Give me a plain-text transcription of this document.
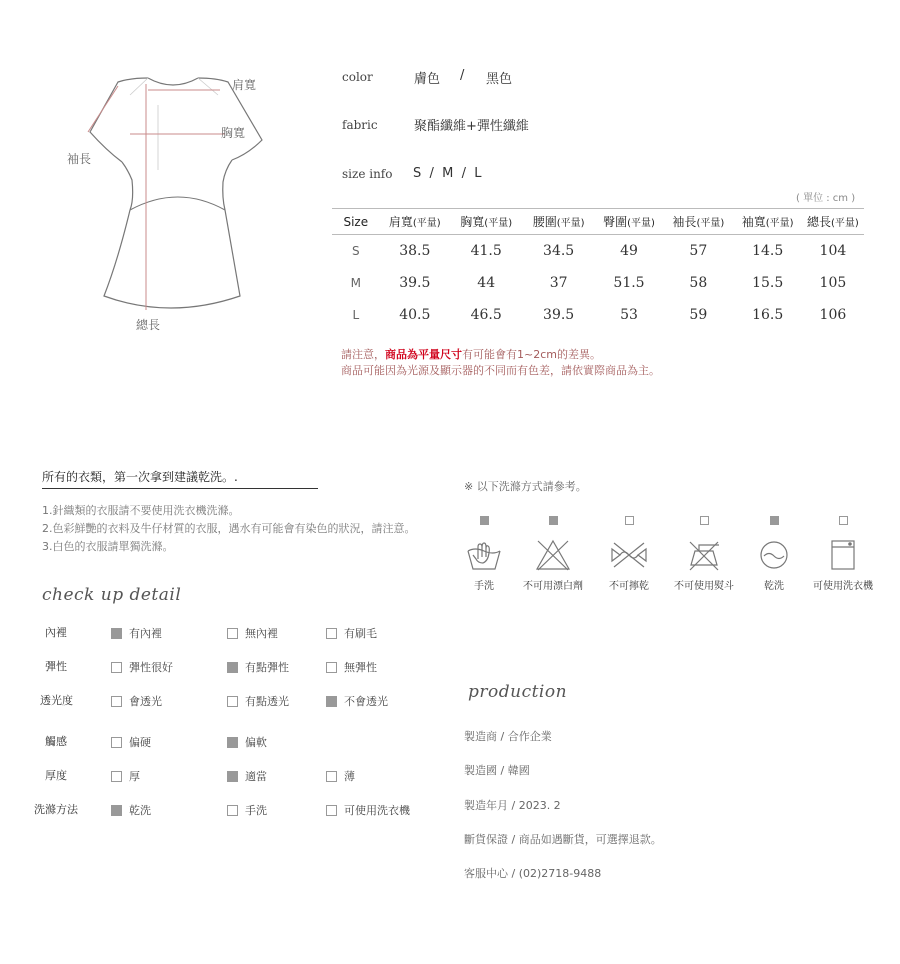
肩寬
胸寬
袖長
總長
color	膚色 / 黑色
fabric	聚酯纖維+彈性纖維
size info S  /  M  /  L
( 單位 : cm )
Size	肩寬(平量)	胸寬(平量)	腰圍(平量)	臀圍(平量)	袖長(平量)	袖寬(平量)	總長(平量)
S	38.5	41.5	34.5	49	57	14.5	104
M	39.5	44	37	51.5	58	15.5	105
L	40.5	46.5	39.5	53	59	16.5	106
請注意，商品為平量尺寸有可能會有1~2cm的差異。
商品可能因為光源及顯示器的不同而有色差，請依實際商品為主。
所有的衣類，第一次拿到建議乾洗。.
1.針織類的衣服請不要使用洗衣機洗滌。
2.色彩鮮艷的衣料及牛仔材質的衣服，遇水有可能會有染色的狀況，請注意。
3.白色的衣服請單獨洗滌。
check up detail
內裡	有內裡	無內裡	有刷毛
彈性	彈性很好	有點彈性	無彈性
透光度	會透光	有點透光	不會透光
觸感	偏硬	偏軟
厚度	厚	適當	薄
洗滌方法	乾洗	手洗	可使用洗衣機
※ 以下洗滌方式請參考。
手洗	不可用漂白劑	不可擰乾	不可使用熨斗	乾洗	可使用洗衣機
production
製造商 / 合作企業
製造國 / 韓國
製造年月 / 2023. 2
斷貨保證 / 商品如遇斷貨，可選擇退款。
客服中心 / (02)2718-9488
